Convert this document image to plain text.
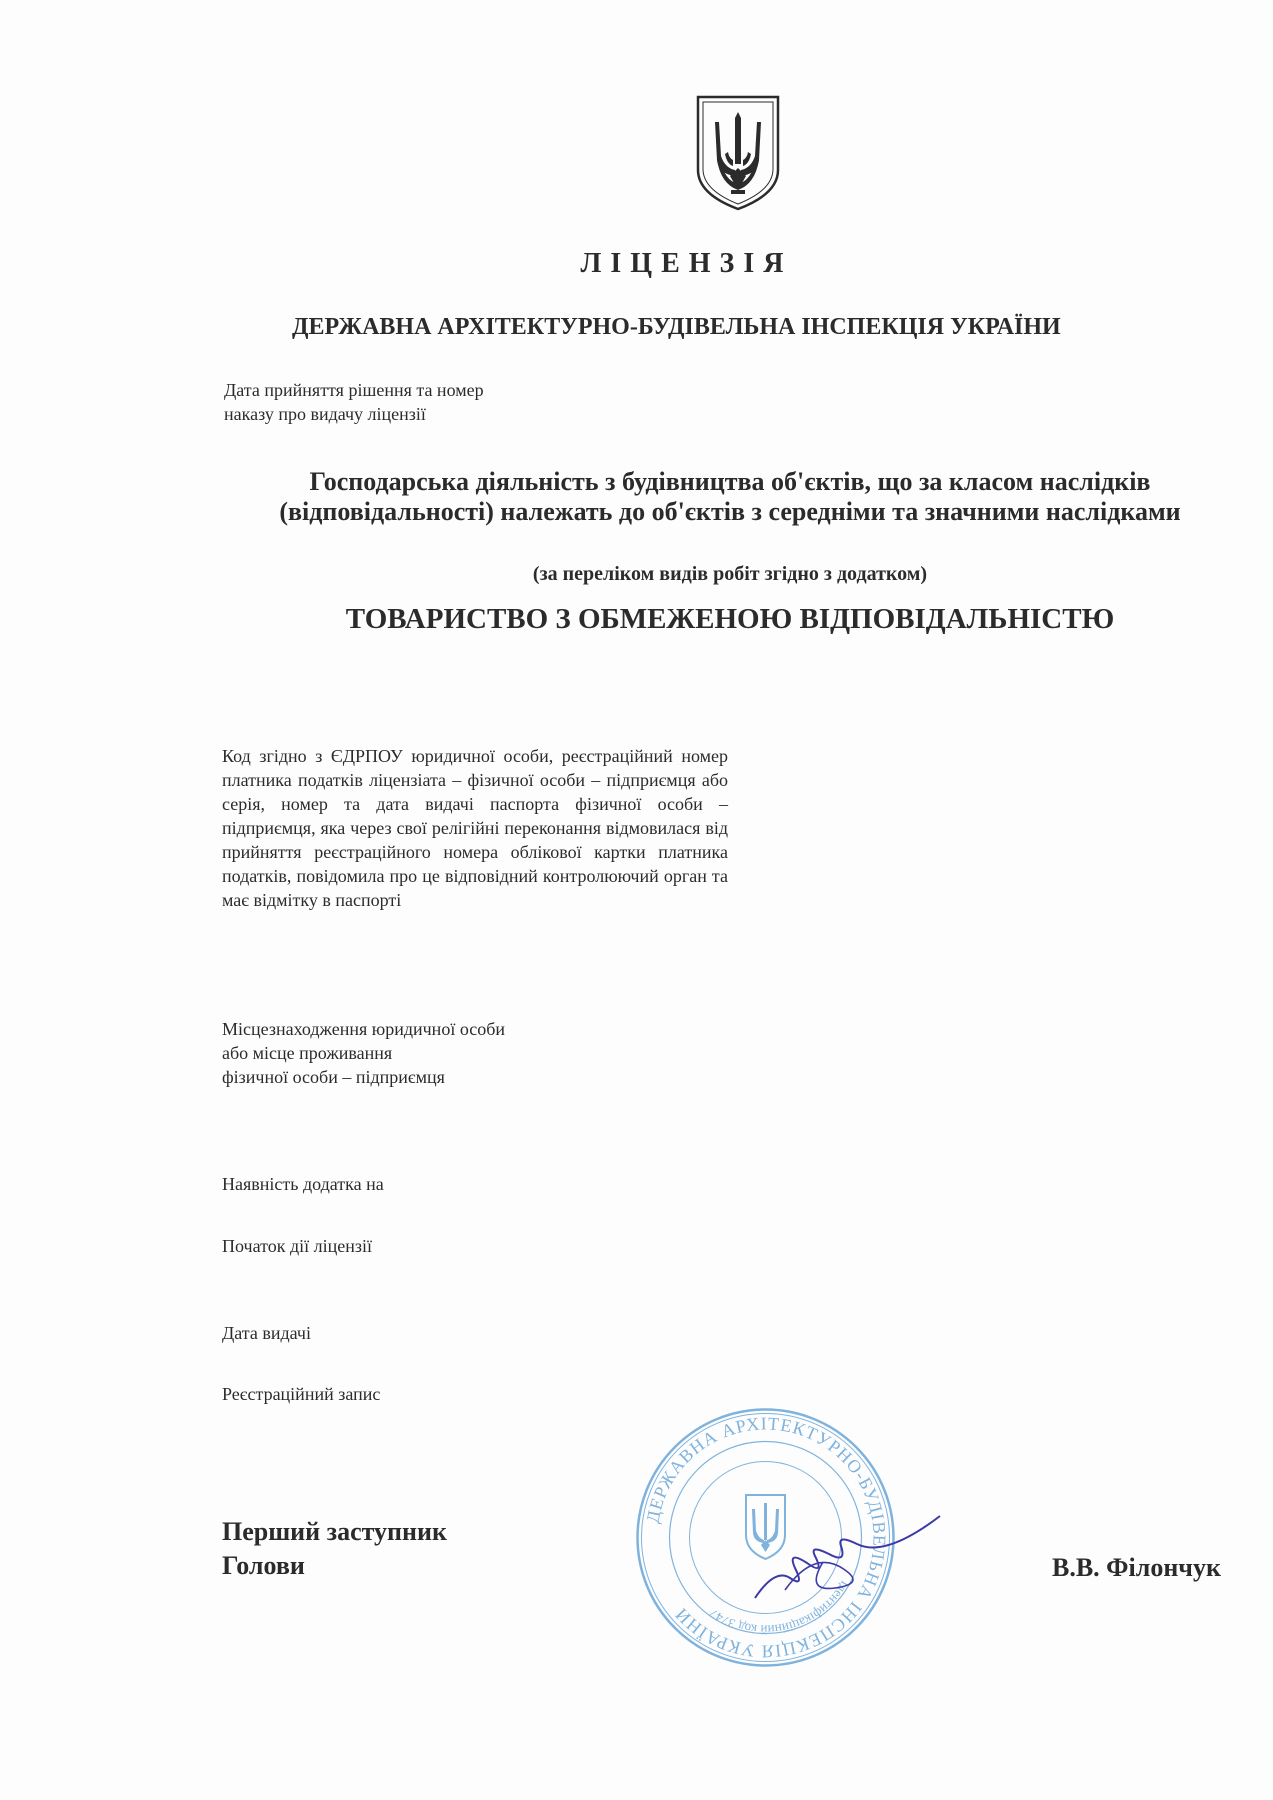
ЛІЦЕНЗІЯ
ДЕРЖАВНА АРХІТЕКТУРНО-БУДІВЕЛЬНА ІНСПЕКЦІЯ УКРАЇНИ
Дата прийняття рішення та номер
наказу про видачу ліцензії
Господарська діяльність з будівництва об'єктів, що за класом наслідків (відповідальності) належать до об'єктів з середніми та значними наслідками
(за переліком видів робіт згідно з додатком)
ТОВАРИСТВО З ОБМЕЖЕНОЮ ВІДПОВІДАЛЬНІСТЮ
Код згідно з ЄДРПОУ юридичної особи, реєстраційний номер платника податків ліцензіата – фізичної особи – підприємця або серія, номер та дата видачі паспорта фізичної особи – підприємця, яка через свої релігійні переконання відмовилася від прийняття реєстраційного номера облікової картки платника податків, повідомила про це відповідний контролюючий орган та має відмітку в паспорті
Місцезнаходження юридичної особи
або місце проживання
фізичної особи – підприємця
Наявність додатка на
Початок дії ліцензії
Дата видачі
Реєстраційний запис
ДЕРЖАВНА АРХІТЕКТУРНО-БУДІВЕЛЬНА ІНСПЕКЦІЯ УКРАЇНИ
Ідентифікаційний код 3747
Перший заступник
Голови	В.В. Філончук
